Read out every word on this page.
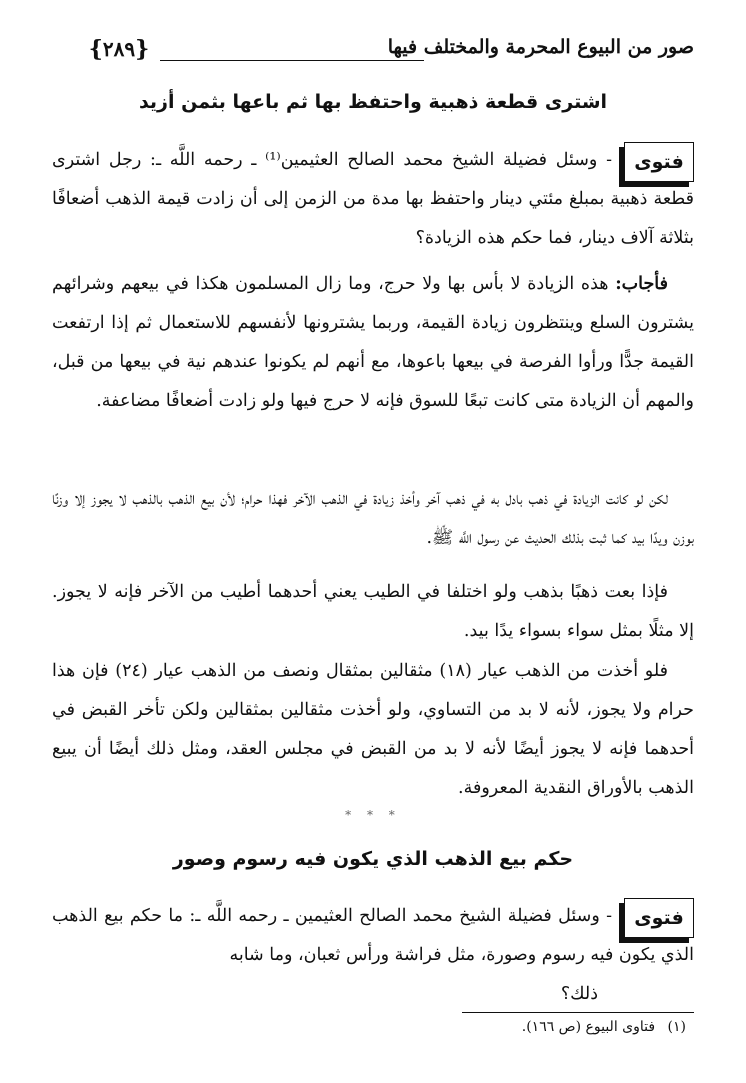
صور من البيوع المحرمة والمختلف فيها
{ ٢٨٩ }
اشترى قطعة ذهبية واحتفظ بها ثم باعها بثمن أزيد
- وسئل فضيلة الشيخ محمد الصالح العثيمين⁽¹⁾ ـ رحمه اللَّه ـ: رجل اشترى قطعة ذهبية بمبلغ مئتي دينار واحتفظ بها مدة من الزمن إلى أن زادت قيمة الذهب أضعافًا بثلاثة آلاف دينار، فما حكم هذه الزيادة؟
فتوى
فأجاب: هذه الزيادة لا بأس بها ولا حرج، وما زال المسلمون هكذا في بيعهم وشرائهم يشترون السلع وينتظرون زيادة القيمة، وربما يشترونها لأنفسهم للاستعمال ثم إذا ارتفعت القيمة جدًّا ورأوا الفرصة في بيعها باعوها، مع أنهم لم يكونوا عندهم نية في بيعها من قبل، والمهم أن الزيادة متى كانت تبعًا للسوق فإنه لا حرج فيها ولو زادت أضعافًا مضاعفة.
لكن لو كانت الزيادة في ذهب بادل به في ذهب آخر وأخذ زيادة في الذهب الآخر فهذا حرام؛ لأن بيع الذهب بالذهب لا يجوز إلا وزنًا بوزن ويدًا بيد كما ثبت بذلك الحديث عن رسول اللَّه ﷺ.
فإذا بعت ذهبًا بذهب ولو اختلفا في الطيب يعني أحدهما أطيب من الآخر فإنه لا يجوز. إلا مثلًا بمثل سواء بسواء يدًا بيد.
فلو أخذت من الذهب عيار (١٨) مثقالين بمثقال ونصف من الذهب عيار (٢٤) فإن هذا حرام ولا يجوز، لأنه لا بد من التساوي، ولو أخذت مثقالين بمثقالين ولكن تأخر القبض في أحدهما فإنه لا يجوز أيضًا لأنه لا بد من القبض في مجلس العقد، ومثل ذلك أيضًا أن يبيع الذهب بالأوراق النقدية المعروفة.
* * *
حكم بيع الذهب الذي يكون فيه رسوم وصور
- وسئل فضيلة الشيخ محمد الصالح العثيمين ـ رحمه اللَّه ـ: ما حكم بيع الذهب الذي يكون فيه رسوم وصورة، مثل فراشة ورأس ثعبان، وما شابه
ذلك؟
فتوى
(١) فتاوى البيوع (ص ١٦٦).
